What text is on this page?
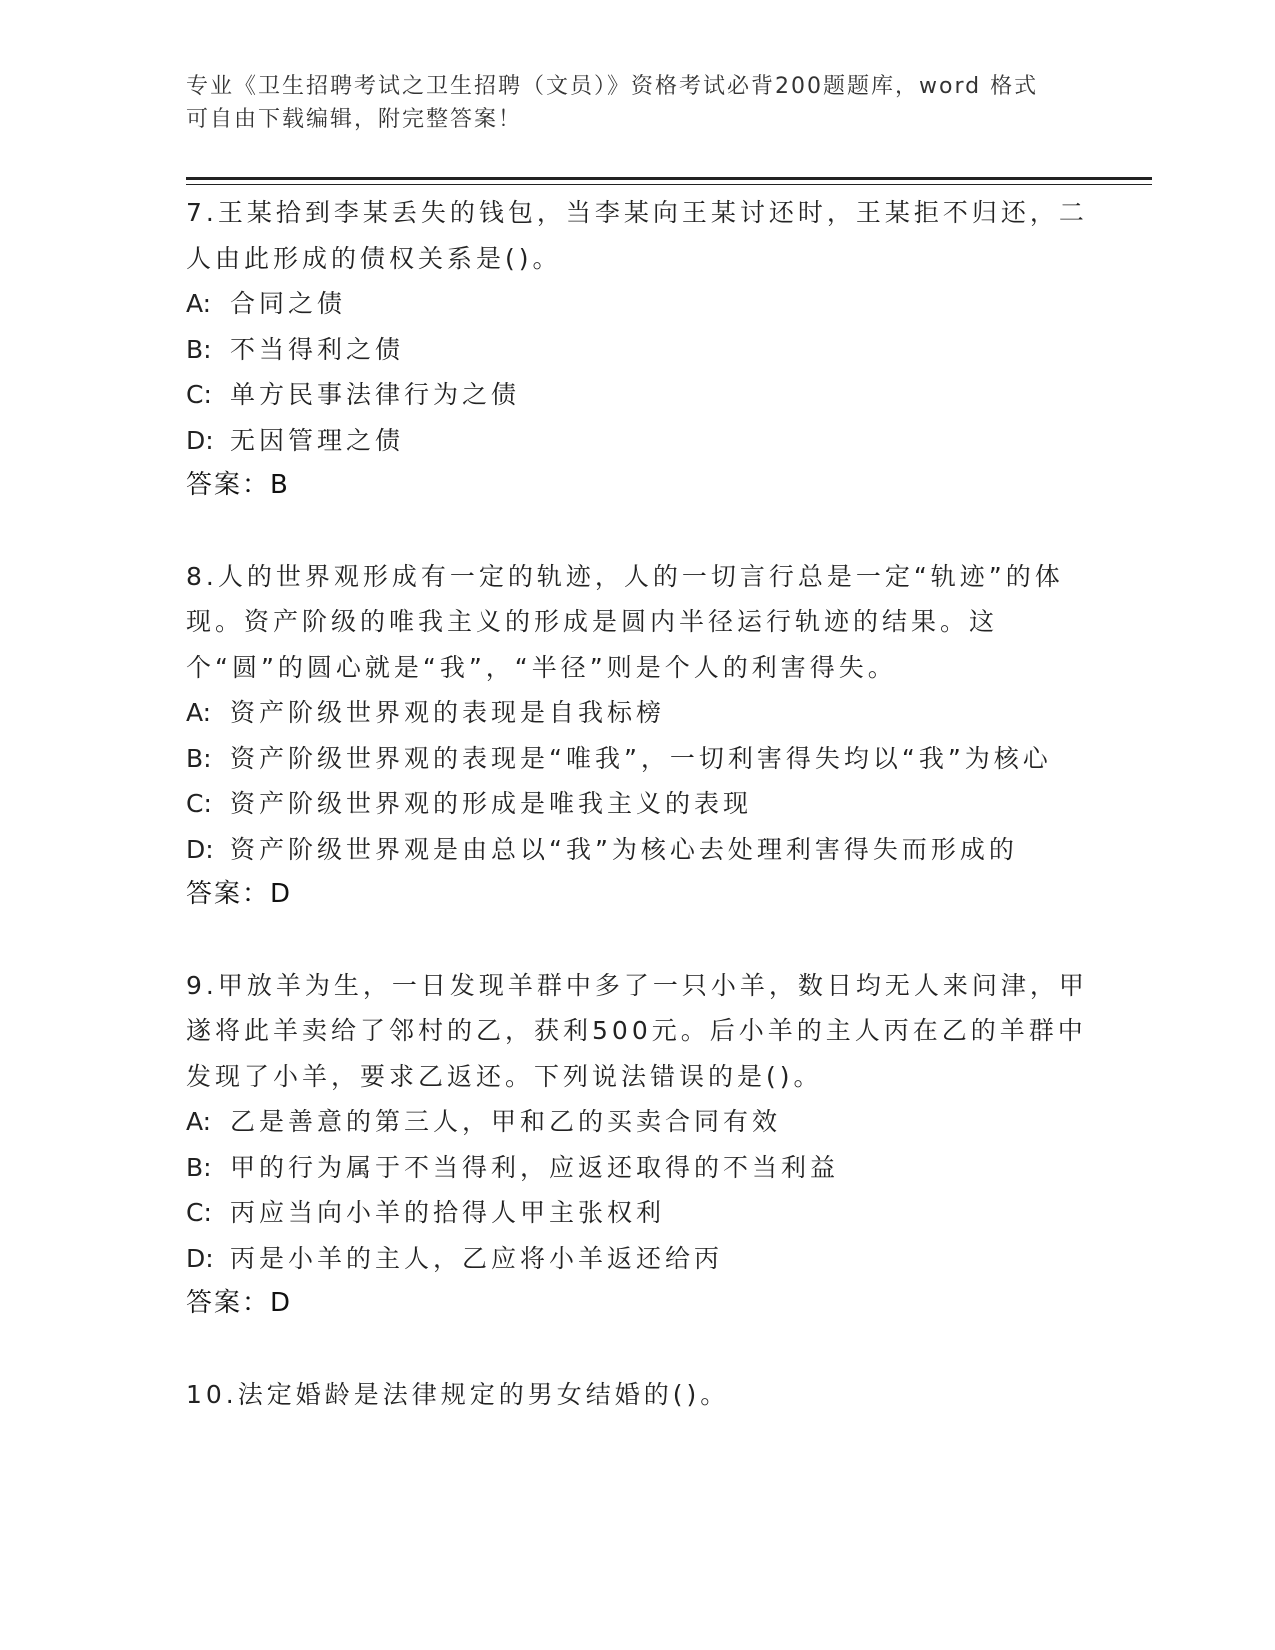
专业《卫生招聘考试之卫生招聘（文员）》资格考试必背200题题库，word 格式
可自由下载编辑，附完整答案！
7.王某拾到李某丢失的钱包，当李某向王某讨还时，王某拒不归还，二人由此形成的债权关系是()。
A: 合同之债
B: 不当得利之债
C: 单方民事法律行为之债
D: 无因管理之债
答案：B
8.人的世界观形成有一定的轨迹，人的一切言行总是一定“轨迹”的体现。资产阶级的唯我主义的形成是圆内半径运行轨迹的结果。这个“圆”的圆心就是“我”，“半径”则是个人的利害得失。
A: 资产阶级世界观的表现是自我标榜
B: 资产阶级世界观的表现是“唯我”，一切利害得失均以“我”为核心
C: 资产阶级世界观的形成是唯我主义的表现
D: 资产阶级世界观是由总以“我”为核心去处理利害得失而形成的
答案：D
9.甲放羊为生，一日发现羊群中多了一只小羊，数日均无人来问津，甲遂将此羊卖给了邻村的乙，获利500元。后小羊的主人丙在乙的羊群中发现了小羊，要求乙返还。下列说法错误的是()。
A: 乙是善意的第三人，甲和乙的买卖合同有效
B: 甲的行为属于不当得利，应返还取得的不当利益
C: 丙应当向小羊的拾得人甲主张权利
D: 丙是小羊的主人，乙应将小羊返还给丙
答案：D
10.法定婚龄是法律规定的男女结婚的()。
